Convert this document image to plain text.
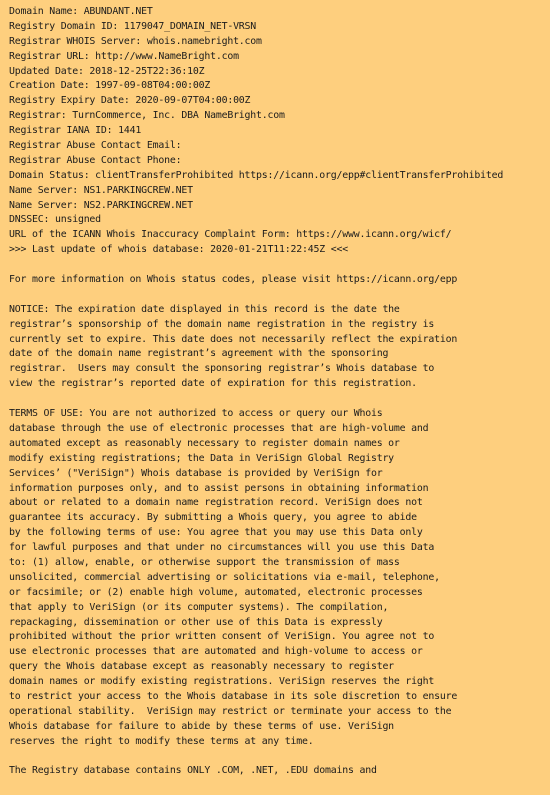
Domain Name: ABUNDANT.NET
Registry Domain ID: 1179047_DOMAIN_NET-VRSN
Registrar WHOIS Server: whois.namebright.com
Registrar URL: http://www.NameBright.com
Updated Date: 2018-12-25T22:36:10Z
Creation Date: 1997-09-08T04:00:00Z
Registry Expiry Date: 2020-09-07T04:00:00Z
Registrar: TurnCommerce, Inc. DBA NameBright.com
Registrar IANA ID: 1441
Registrar Abuse Contact Email:
Registrar Abuse Contact Phone:
Domain Status: clientTransferProhibited https://icann.org/epp#clientTransferProhibited
Name Server: NS1.PARKINGCREW.NET
Name Server: NS2.PARKINGCREW.NET
DNSSEC: unsigned
URL of the ICANN Whois Inaccuracy Complaint Form: https://www.icann.org/wicf/
>>> Last update of whois database: 2020-01-21T11:22:45Z <<<
For more information on Whois status codes, please visit https://icann.org/epp
NOTICE: The expiration date displayed in this record is the date the
registrar’s sponsorship of the domain name registration in the registry is
currently set to expire. This date does not necessarily reflect the expiration
date of the domain name registrant’s agreement with the sponsoring
registrar.  Users may consult the sponsoring registrar’s Whois database to
view the registrar’s reported date of expiration for this registration.
TERMS OF USE: You are not authorized to access or query our Whois
database through the use of electronic processes that are high-volume and
automated except as reasonably necessary to register domain names or
modify existing registrations; the Data in VeriSign Global Registry
Services’ ("VeriSign") Whois database is provided by VeriSign for
information purposes only, and to assist persons in obtaining information
about or related to a domain name registration record. VeriSign does not
guarantee its accuracy. By submitting a Whois query, you agree to abide
by the following terms of use: You agree that you may use this Data only
for lawful purposes and that under no circumstances will you use this Data
to: (1) allow, enable, or otherwise support the transmission of mass
unsolicited, commercial advertising or solicitations via e-mail, telephone,
or facsimile; or (2) enable high volume, automated, electronic processes
that apply to VeriSign (or its computer systems). The compilation,
repackaging, dissemination or other use of this Data is expressly
prohibited without the prior written consent of VeriSign. You agree not to
use electronic processes that are automated and high-volume to access or
query the Whois database except as reasonably necessary to register
domain names or modify existing registrations. VeriSign reserves the right
to restrict your access to the Whois database in its sole discretion to ensure
operational stability.  VeriSign may restrict or terminate your access to the
Whois database for failure to abide by these terms of use. VeriSign
reserves the right to modify these terms at any time.
The Registry database contains ONLY .COM, .NET, .EDU domains and
